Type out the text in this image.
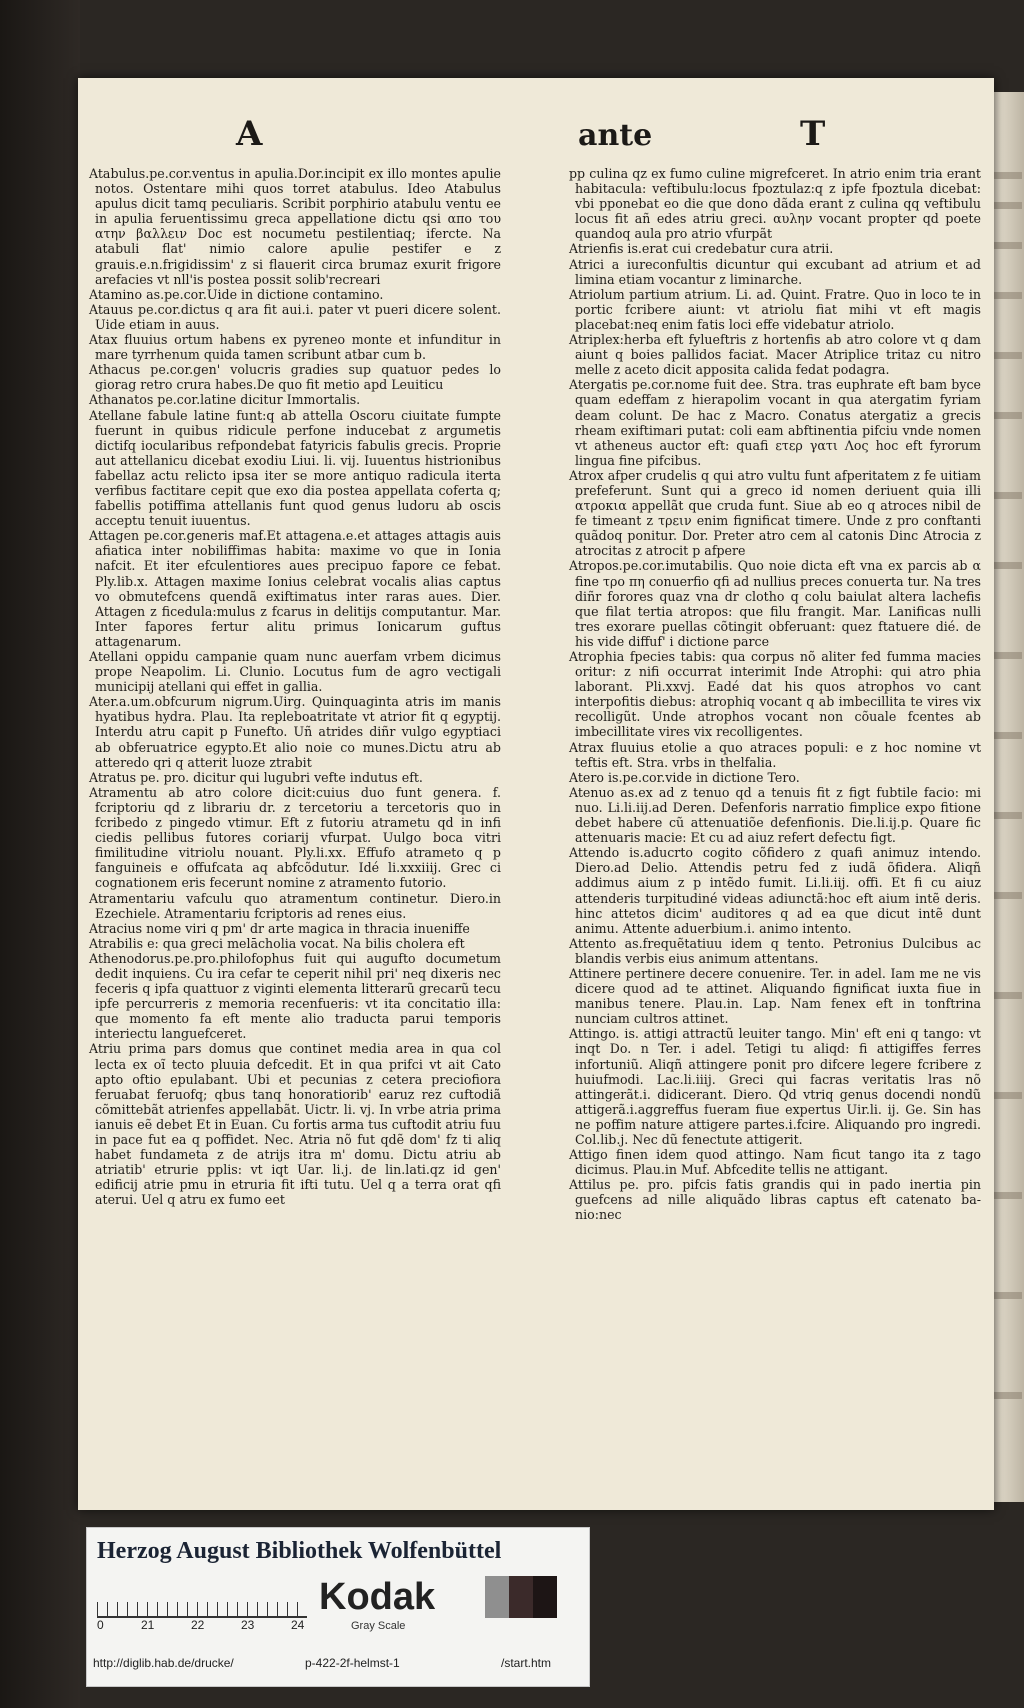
A	ante	T

Atabulus.pe.cor.ventus in apulia.Dor.incipit ex illo montes apulie notos. Ostentare mihi quos torret atabulus. Ideo Atabulus apulus dicit tamq peculiaris. Scribit porphirio atabulu ventu ee in apulia feruentissimu greca appellatione dictu qsi απο του ατην βαλλειν Doc est nocumetu pestilentiaq; ifercte. Na atabuli flat' nimio calore apulie pestifer e z grauis.e.n.frigidissim' z si flauerit circa brumaz exurit frigore arefacies vt nll'is postea possit solib'recreari

Atamino as.pe.cor.Uide in dictione contamino.

Atauus pe.cor.dictus q ara fit aui.i. pater vt pueri dicere solent. Uide etiam in auus.

Atax fluuius ortum habens ex pyreneo monte et infunditur in mare tyrrhenum quida tamen scribunt atbar cum b.

Athacus pe.cor.gen' volucris gradies sup quatuor pedes lo giorag retro crura habes.De quo fit metio apd Leuiticu

Athanatos pe.cor.latine dicitur Immortalis.

Atellane fabule latine funt:q ab attella Oscoru ciuitate fumpte fuerunt in quibus ridicule perfone inducebat z argumetis dictifq iocularibus refpondebat fatyricis fabulis grecis. Proprie aut attellanicu dicebat exodiu Liui. li. vij. Iuuentus histrionibus fabellaz actu relicto ipsa iter se more antiquo radicula iterta verfibus factitare cepit que exo dia postea appellata coferta q; fabellis potiffima attellanis funt quod genus ludoru ab oscis acceptu tenuit iuuentus.

Attagen pe.cor.generis maf.Et attagena.e.et attages attagis auis afiatica inter nobiliffimas habita: maxime vo que in Ionia nafcit. Et iter efculentiores aues precipuo fapore ce febat. Ply.lib.x. Attagen maxime Ionius celebrat vocalis alias captus vo obmutefcens quendã exiftimatus inter raras aues. Dier. Attagen z ficedula:mulus z fcarus in delitijs computantur. Mar. Inter fapores fertur alitu primus Ionicarum guftus attagenarum.

Atellani oppidu campanie quam nunc auerfam vrbem dicimus prope Neapolim. Li. Clunio. Locutus fum de agro vectigali municipij atellani qui effet in gallia.

Ater.a.um.obfcurum nigrum.Uirg. Quinquaginta atris im manis hyatibus hydra. Plau. Ita repleboatritate vt atrior fit q egyptij. Interdu atru capit p Funefto. Uñ atrides diñr vulgo egyptiaci ab obferuatrice egypto.Et alio noie co munes.Dictu atru ab atteredo qri q atterit luoze ztrabit

Atratus pe. pro. dicitur qui lugubri vefte indutus eft.

Atramentu ab atro colore dicit:cuius duo funt genera. f. fcriptoriu qd z librariu dr. z tercetoriu a tercetoris quo in fcribedo z pingedo vtimur. Eft z futoriu atrametu qd in infi ciedis pellibus futores coriarij vfurpat. Uulgo boca vitri fimilitudine vitriolu nouant. Ply.li.xx. Effufo atrameto q p fanguineis e offufcata aq abfcõdutur. Idé li.xxxiiij. Grec ci cognationem eris fecerunt nomine z atramento futorio.

Atramentariu vafculu quo atramentum continetur. Diero.in Ezechiele. Atramentariu fcriptoris ad renes eius.

Atracius nome viri q pm' dr arte magica in thracia inueniffe

Atrabilis e: qua greci melācholia vocat. Na bilis cholera eft

Athenodorus.pe.pro.philofophus fuit qui augufto documetum dedit inquiens. Cu ira cefar te ceperit nihil pri' neq dixeris nec feceris q ipfa quattuor z viginti elementa litterarũ grecarũ tecu ipfe percurreris z memoria recenfueris: vt ita concitatio illa: que momento fa eft mente alio traducta parui temporis interiectu languefceret.

Atriu prima pars domus que continet media area in qua col lecta ex oĩ tecto pluuia defcedit. Et in qua prifci vt ait Cato apto oftio epulabant. Ubi et pecunias z cetera preciofiora feruabat feruofq; qbus tanq honoratiorib' earuz rez cuftodiã cõmittebãt atrienfes appellabãt. Uictr. li. vj. In vrbe atria prima ianuis eẽ debet Et in Euan. Cu fortis arma tus cuftodit atriu fuu in pace fut ea q poffidet. Nec. Atria nõ fut qdẽ dom' fz ti aliq habet fundameta z de atrijs itra m' domu. Dictu atriu ab atriatib' etrurie pplis: vt iqt Uar. li.j. de lin.lati.qz id gen' edificij atrie pmu in etruria fit ifti tutu. Uel q a terra orat qfi aterui. Uel q atru ex fumo eet

pp culina qz ex fumo culine migrefceret. In atrio enim tria erant habitacula: veftibulu:locus fpoztulaz:q z ipfe fpoztula dicebat: vbi pponebat eo die que dono dãda erant z culina qq veftibulu locus fit añ edes atriu greci. αυλην vocant propter qd poete quandoq aula pro atrio vfurpãt

Atrienfis is.erat cui credebatur cura atrii.

Atrici a iureconfultis dicuntur qui excubant ad atrium et ad limina etiam vocantur z liminarche.

Atriolum partium atrium. Li. ad. Quint. Fratre. Quo in loco te in portic fcribere aiunt: vt atriolu fiat mihi vt eft magis placebat:neq enim fatis loci effe videbatur atriolo.

Atriplex:herba eft fylueftris z hortenfis ab atro colore vt q dam aiunt q boies pallidos faciat. Macer Atriplice tritaz cu nitro melle z aceto dicit apposita calida fedat podagra.

Atergatis pe.cor.nome fuit dee. Stra. tras euphrate eft bam byce quam edeffam z hierapolim vocant in qua atergatim fyriam deam colunt. De hac z Macro. Conatus atergatiz a grecis rheam exiftimari putat: coli eam abftinentia pifciu vnde nomen vt atheneus auctor eft: quafi ετερ γατι Λος hoc eft fyrorum lingua fine pifcibus.

Atrox afper crudelis q qui atro vultu funt afperitatem z fe uitiam prefeferunt. Sunt qui a greco id nomen deriuent quia illi ατροκια appellãt que cruda funt. Siue ab eo q atroces nibil de fe timeant z τρειν enim fignificat timere. Unde z pro conftanti quãdoq ponitur. Dor. Preter atro cem al catonis Dinc Atrocia z atrocitas z atrocit p afpere

Atropos.pe.cor.imutabilis. Quo noie dicta eft vna ex parcis ab α fine τρο πη conuerfio qfi ad nullius preces conuerta tur. Na tres diñr forores quaz vna dr clotho q colu baiulat altera lachefis que filat tertia atropos: que filu frangit. Mar. Lanificas nulli tres exorare puellas cõtingit obferuant: quez ftatuere dié. de his vide diffuf' i dictione parce

Atrophia fpecies tabis: qua corpus nõ aliter fed fumma macies oritur: z nifi occurrat interimit Inde Atrophi: qui atro phia laborant. Pli.xxvj. Eadé dat his quos atrophos vo cant interpofitis diebus: atrophiq vocant q ab imbecillita te vires vix recolligũt. Unde atrophos vocant non cõuale fcentes ab imbecillitate vires vix recolligentes.

Atrax fluuius etolie a quo atraces populi: e z hoc nomine vt teftis eft. Stra. vrbs in thelfalia.

Atero is.pe.cor.vide in dictione Tero.

Atenuo as.ex ad z tenuo qd a tenuis fit z figt fubtile facio: mi nuo. Li.li.iij.ad Deren. Defenforis narratio fimplice expo fitione debet habere cũ attenuatiõe defenfionis. Die.li.ij.p. Quare fic attenuaris macie: Et cu ad aiuz refert defectu figt.

Attendo is.aducrto cogito cõfidero z quafi animuz intendo. Diero.ad Delio. Attendis petru fed z iudã õfidera. Aliqñ addimus aium z p intẽdo fumit. Li.li.iij. offi. Et fi cu aiuz attenderis turpitudiné videas adiunctã:hoc eft aium intẽ deris. hinc attetos dicim' auditores q ad ea que dicut intẽ dunt animu. Attente aduerbium.i. animo intento.

Attento as.frequẽtatiuu idem q tento. Petronius Dulcibus ac blandis verbis eius animum attentans.

Attinere pertinere decere conuenire. Ter. in adel. Iam me ne vis dicere quod ad te attinet. Aliquando fignificat iuxta fiue in manibus tenere. Plau.in. Lap. Nam fenex eft in tonftrina nunciam cultros attinet.

Attingo. is. attigi attractũ leuiter tango. Min' eft eni q tango: vt inqt Do. n Ter. i adel. Tetigi tu aliqd: fi attigiffes ferres infortuniũ. Aliqñ attingere ponit pro difcere legere fcribere z huiufmodi. Lac.li.iiij. Greci qui facras veritatis lras nõ attingerãt.i. didicerant. Diero. Qd vtriq genus docendi nondũ attigerã.i.aggreffus fueram fiue expertus Uir.li. ij. Ge. Sin has ne poffim nature attigere partes.i.fcire. Aliquando pro ingredi. Col.lib.j. Nec dũ fenectute attigerit.

Attigo finen idem quod attingo. Nam ficut tango ita z tago dicimus. Plau.in Muf. Abfcedite tellis ne attigant.

Attilus pe. pro. pifcis fatis grandis qui in pado inertia pin guefcens ad nille aliquãdo libras captus eft catenato ba- nio:nec

Herzog August Bibliothek Wolfenbüttel
0	21	22	23	24
Kodak
Gray Scale
http://diglib.hab.de/drucke/	p-422-2f-helmst-1	/start.htm
